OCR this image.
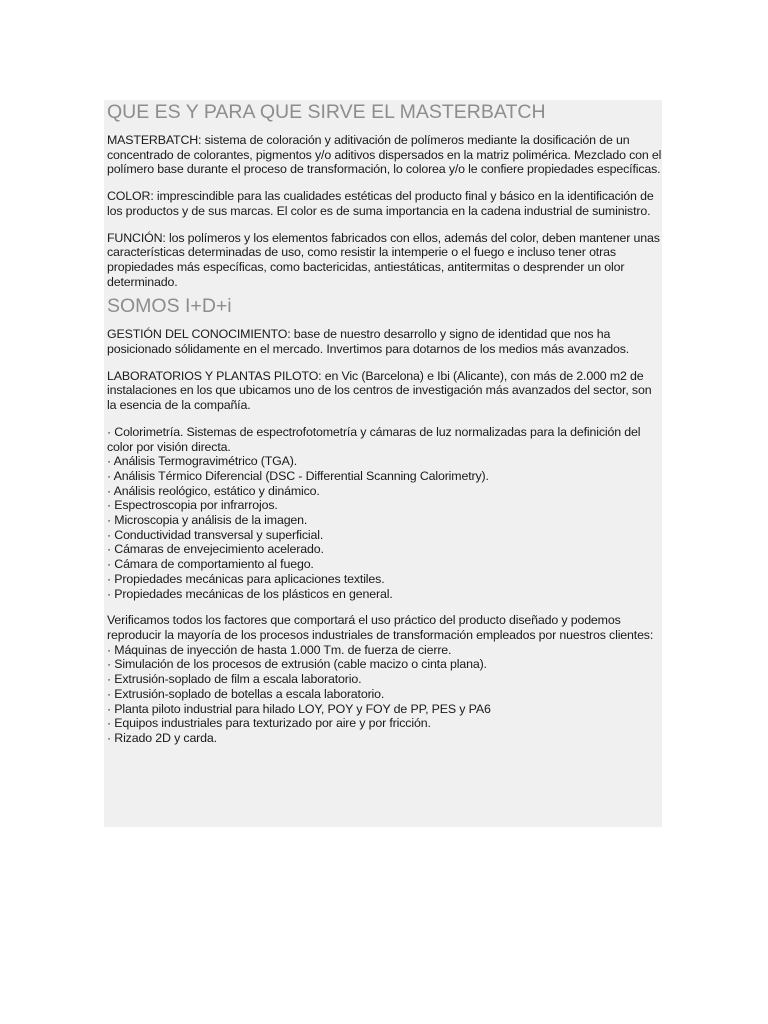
QUE ES Y PARA QUE SIRVE EL MASTERBATCH

MASTERBATCH: sistema de coloración y aditivación de polímeros mediante la dosificación de un concentrado de colorantes, pigmentos y/o aditivos dispersados en la matriz polimérica. Mezclado con el polímero base durante el proceso de transformación, lo colorea y/o le confiere propiedades específicas.

COLOR: imprescindible para las cualidades estéticas del producto final y básico en la identificación de los productos y de sus marcas. El color es de suma importancia en la cadena industrial de suministro.

FUNCIÓN: los polímeros y los elementos fabricados con ellos, además del color, deben mantener unas características determinadas de uso, como resistir la intemperie o el fuego e incluso tener otras propiedades más específicas, como bactericidas, antiestáticas, antitermitas o desprender un olor determinado.

SOMOS I+D+i

GESTIÓN DEL CONOCIMIENTO: base de nuestro desarrollo y signo de identidad que nos ha posicionado sólidamente en el mercado. Invertimos para dotarnos de los medios más avanzados.

LABORATORIOS Y PLANTAS PILOTO: en Vic (Barcelona) e Ibi (Alicante), con más de 2.000 m2 de instalaciones en los que ubicamos uno de los centros de investigación más avanzados del sector, son la esencia de la compañía.

· Colorimetría. Sistemas de espectrofotometría y cámaras de luz normalizadas para la definición del color por visión directa.

· Análisis Termogravimétrico (TGA).
· Análisis Térmico Diferencial (DSC - Differential Scanning Calorimetry).
· Análisis reológico, estático y dinámico.
· Espectroscopia por infrarrojos.
· Microscopia y análisis de la imagen.
· Conductividad transversal y superficial.
· Cámaras de envejecimiento acelerado.
· Cámara de comportamiento al fuego.
· Propiedades mecánicas para aplicaciones textiles.
· Propiedades mecánicas de los plásticos en general.

Verificamos todos los factores que comportará el uso práctico del producto diseñado y podemos reproducir la mayoría de los procesos industriales de transformación empleados por nuestros clientes:

· Máquinas de inyección de hasta 1.000 Tm. de fuerza de cierre.
· Simulación de los procesos de extrusión (cable macizo o cinta plana).
· Extrusión-soplado de film a escala laboratorio.
· Extrusión-soplado de botellas a escala laboratorio.
· Planta piloto industrial para hilado LOY, POY y FOY de PP, PES y PA6
· Equipos industriales para texturizado por aire y por fricción.
· Rizado 2D y carda.
